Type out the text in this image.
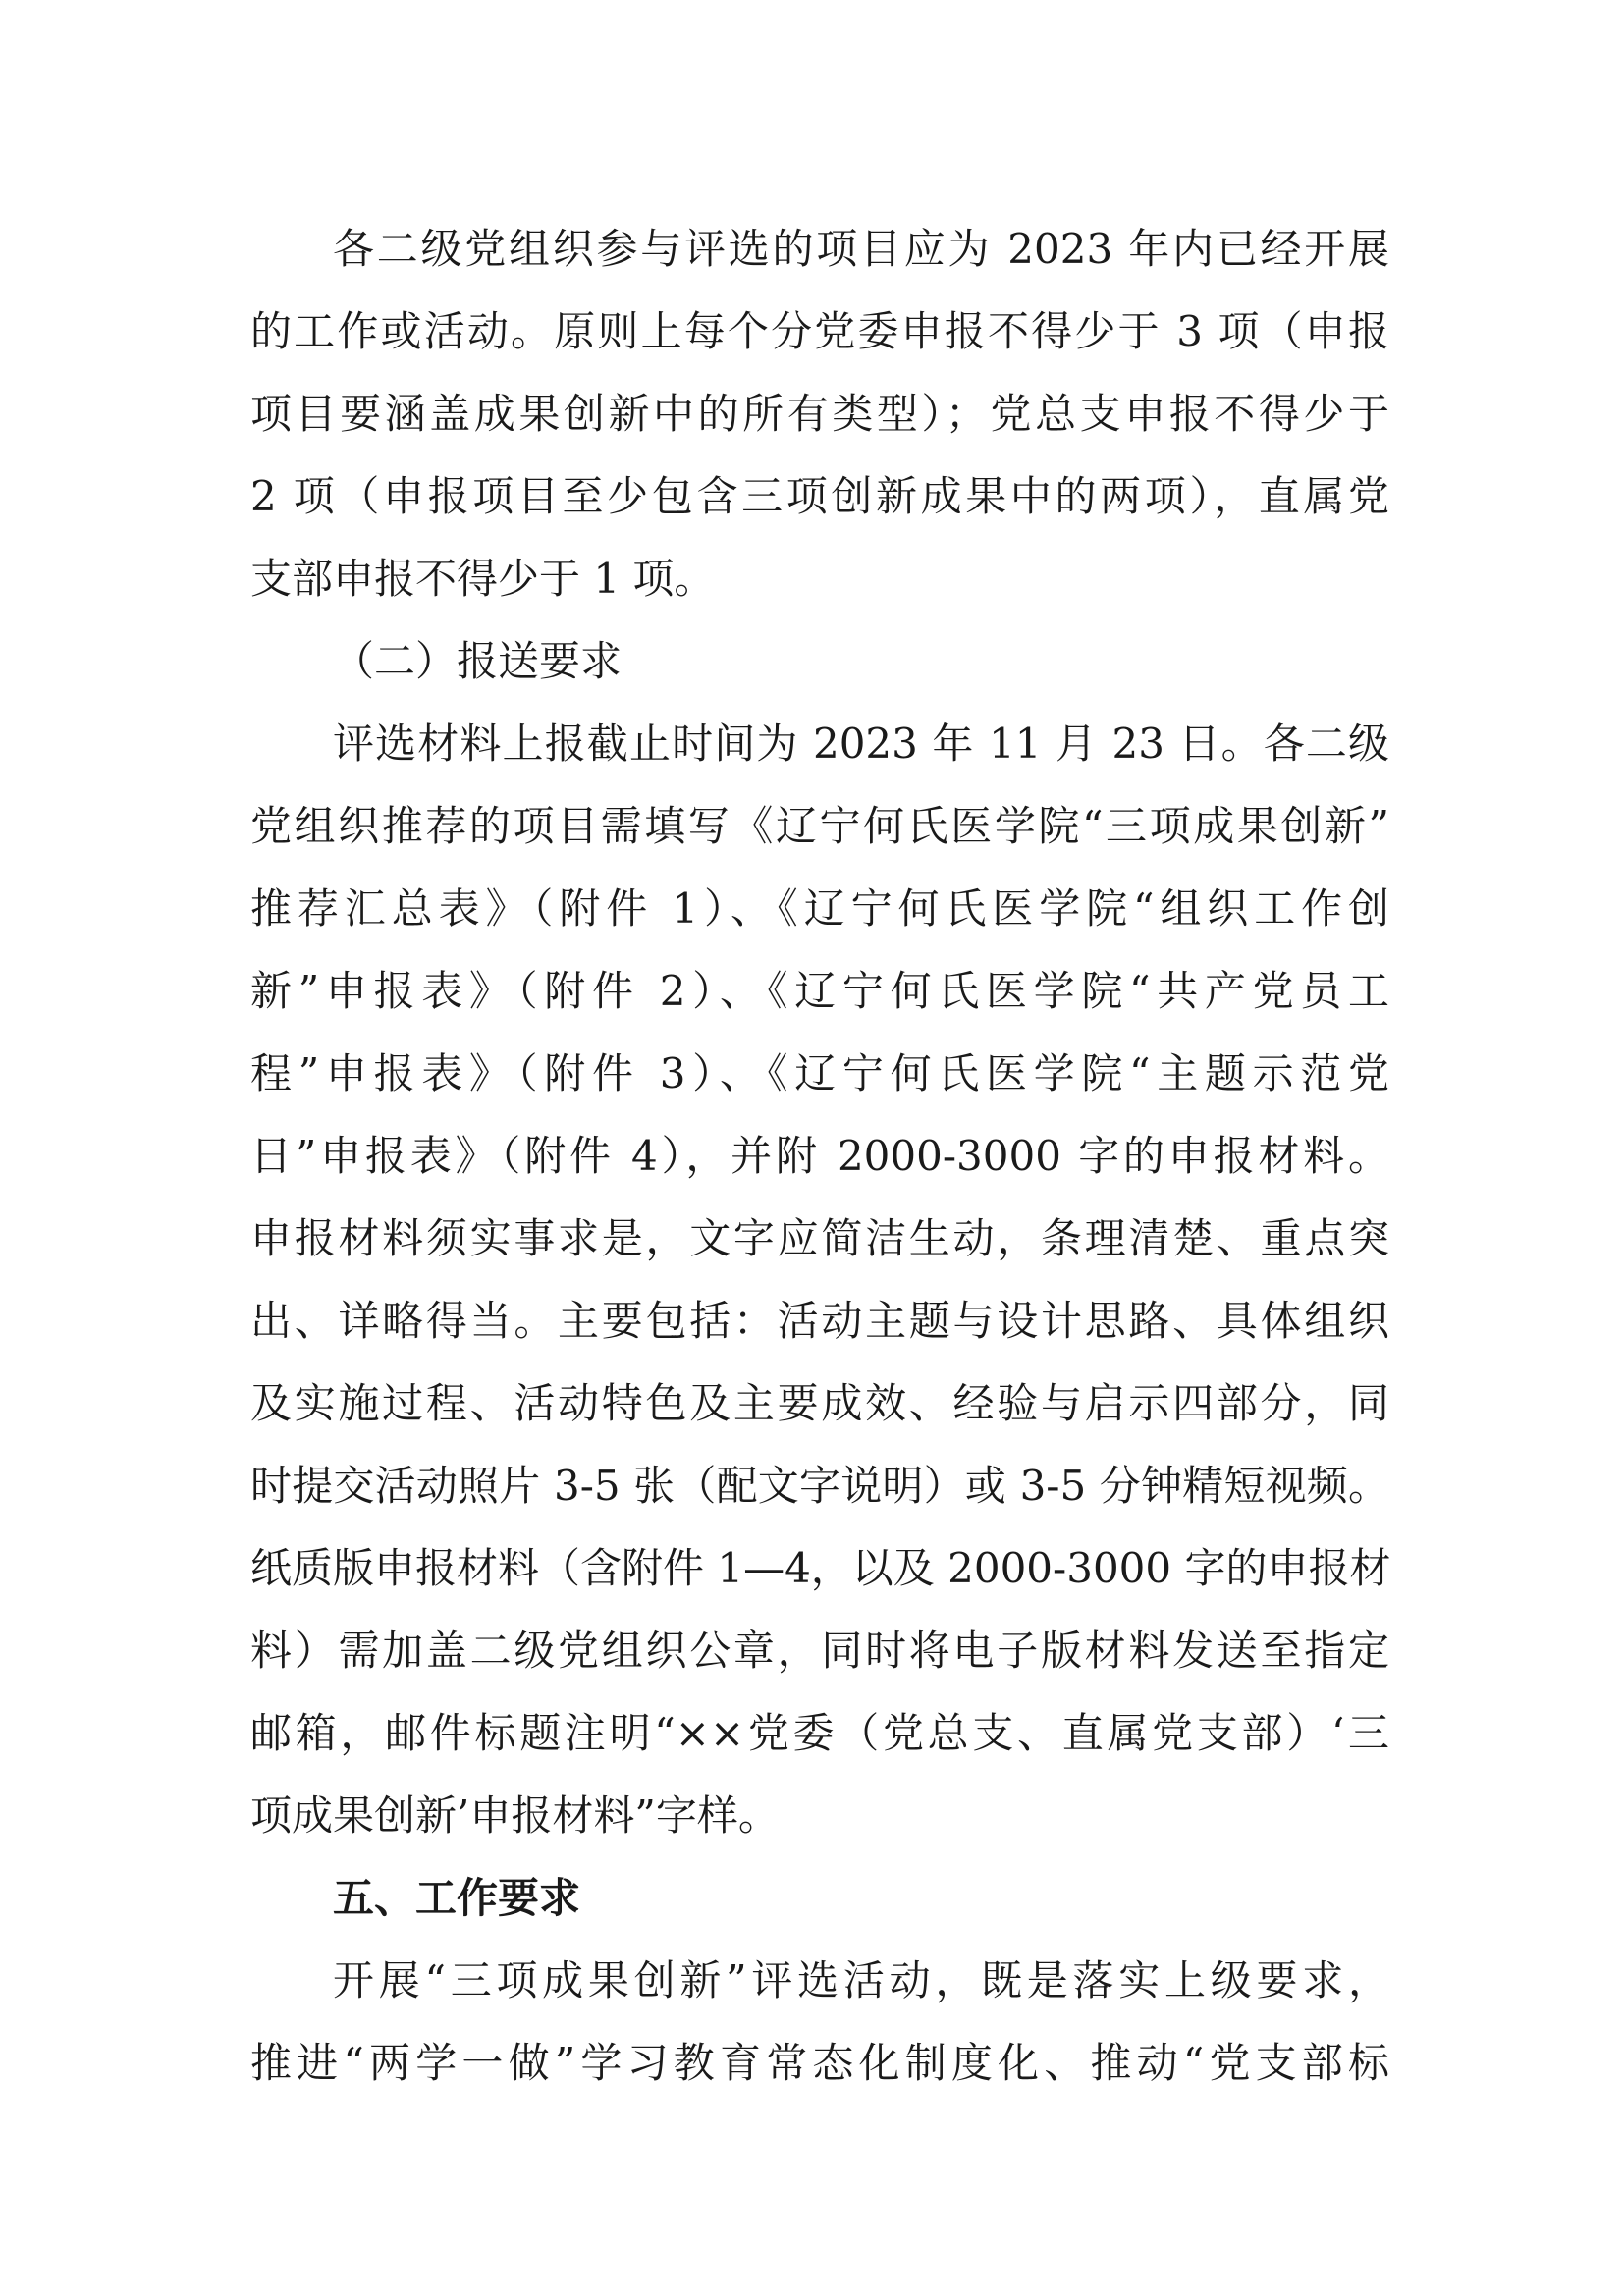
各二级党组织参与评选的项目应为 2023 年内已经开展
的工作或活动。原则上每个分党委申报不得少于 3 项（申报
项目要涵盖成果创新中的所有类型）；党总支申报不得少于
2 项（申报项目至少包含三项创新成果中的两项），直属党
支部申报不得少于 1 项。
（二）报送要求
评选材料上报截止时间为 2023 年 11 月 23 日。各二级
党组织推荐的项目需填写《辽宁何氏医学院“三项成果创新”
推荐汇总表》（附件 1）、《辽宁何氏医学院“组织工作创
新”申报表》（附件 2）、《辽宁何氏医学院“共产党员工
程”申报表》（附件 3）、《辽宁何氏医学院“主题示范党
日”申报表》（附件 4），并附 2000-3000 字的申报材料。
申报材料须实事求是，文字应简洁生动，条理清楚、重点突
出、详略得当。主要包括：活动主题与设计思路、具体组织
及实施过程、活动特色及主要成效、经验与启示四部分，同
时提交活动照片 3-5 张（配文字说明）或 3-5 分钟精短视频。
纸质版申报材料（含附件 1—4，以及 2000-3000 字的申报材
料）需加盖二级党组织公章，同时将电子版材料发送至指定
邮箱，邮件标题注明“××党委（党总支、直属党支部）‘三
项成果创新’申报材料”字样。
五、工作要求
开展“三项成果创新”评选活动，既是落实上级要求，
推进“两学一做”学习教育常态化制度化、推动“党支部标
